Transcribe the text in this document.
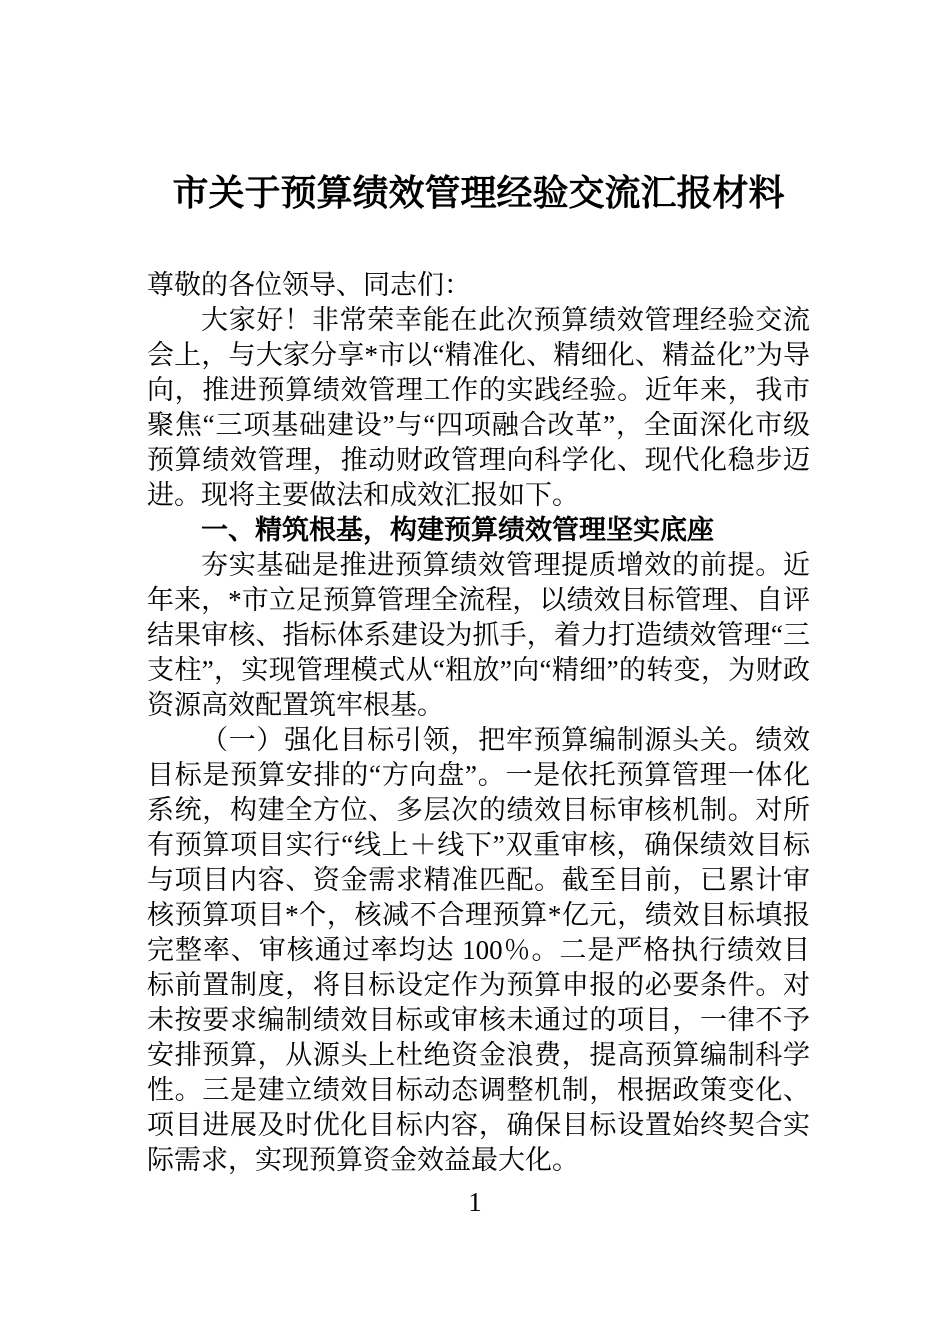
市关于预算绩效管理经验交流汇报材料

尊敬的各位领导、同志们：

大家好！非常荣幸能在此次预算绩效管理经验交流会上，与大家分享*市以“精准化、精细化、精益化”为导向，推进预算绩效管理工作的实践经验。近年来，我市聚焦“三项基础建设”与“四项融合改革”，全面深化市级预算绩效管理，推动财政管理向科学化、现代化稳步迈进。现将主要做法和成效汇报如下。

一、精筑根基，构建预算绩效管理坚实底座

夯实基础是推进预算绩效管理提质增效的前提。近年来，*市立足预算管理全流程，以绩效目标管理、自评结果审核、指标体系建设为抓手，着力打造绩效管理“三支柱”，实现管理模式从“粗放”向“精细”的转变，为财政资源高效配置筑牢根基。

（一）强化目标引领，把牢预算编制源头关。绩效目标是预算安排的“方向盘”。一是依托预算管理一体化系统，构建全方位、多层次的绩效目标审核机制。对所有预算项目实行“线上＋线下”双重审核，确保绩效目标与项目内容、资金需求精准匹配。截至目前，已累计审核预算项目*个，核减不合理预算*亿元，绩效目标填报完整率、审核通过率均达 100％。二是严格执行绩效目标前置制度，将目标设定作为预算申报的必要条件。对未按要求编制绩效目标或审核未通过的项目，一律不予安排预算，从源头上杜绝资金浪费，提高预算编制科学性。三是建立绩效目标动态调整机制，根据政策变化、项目进展及时优化目标内容，确保目标设置始终契合实际需求，实现预算资金效益最大化。

1
